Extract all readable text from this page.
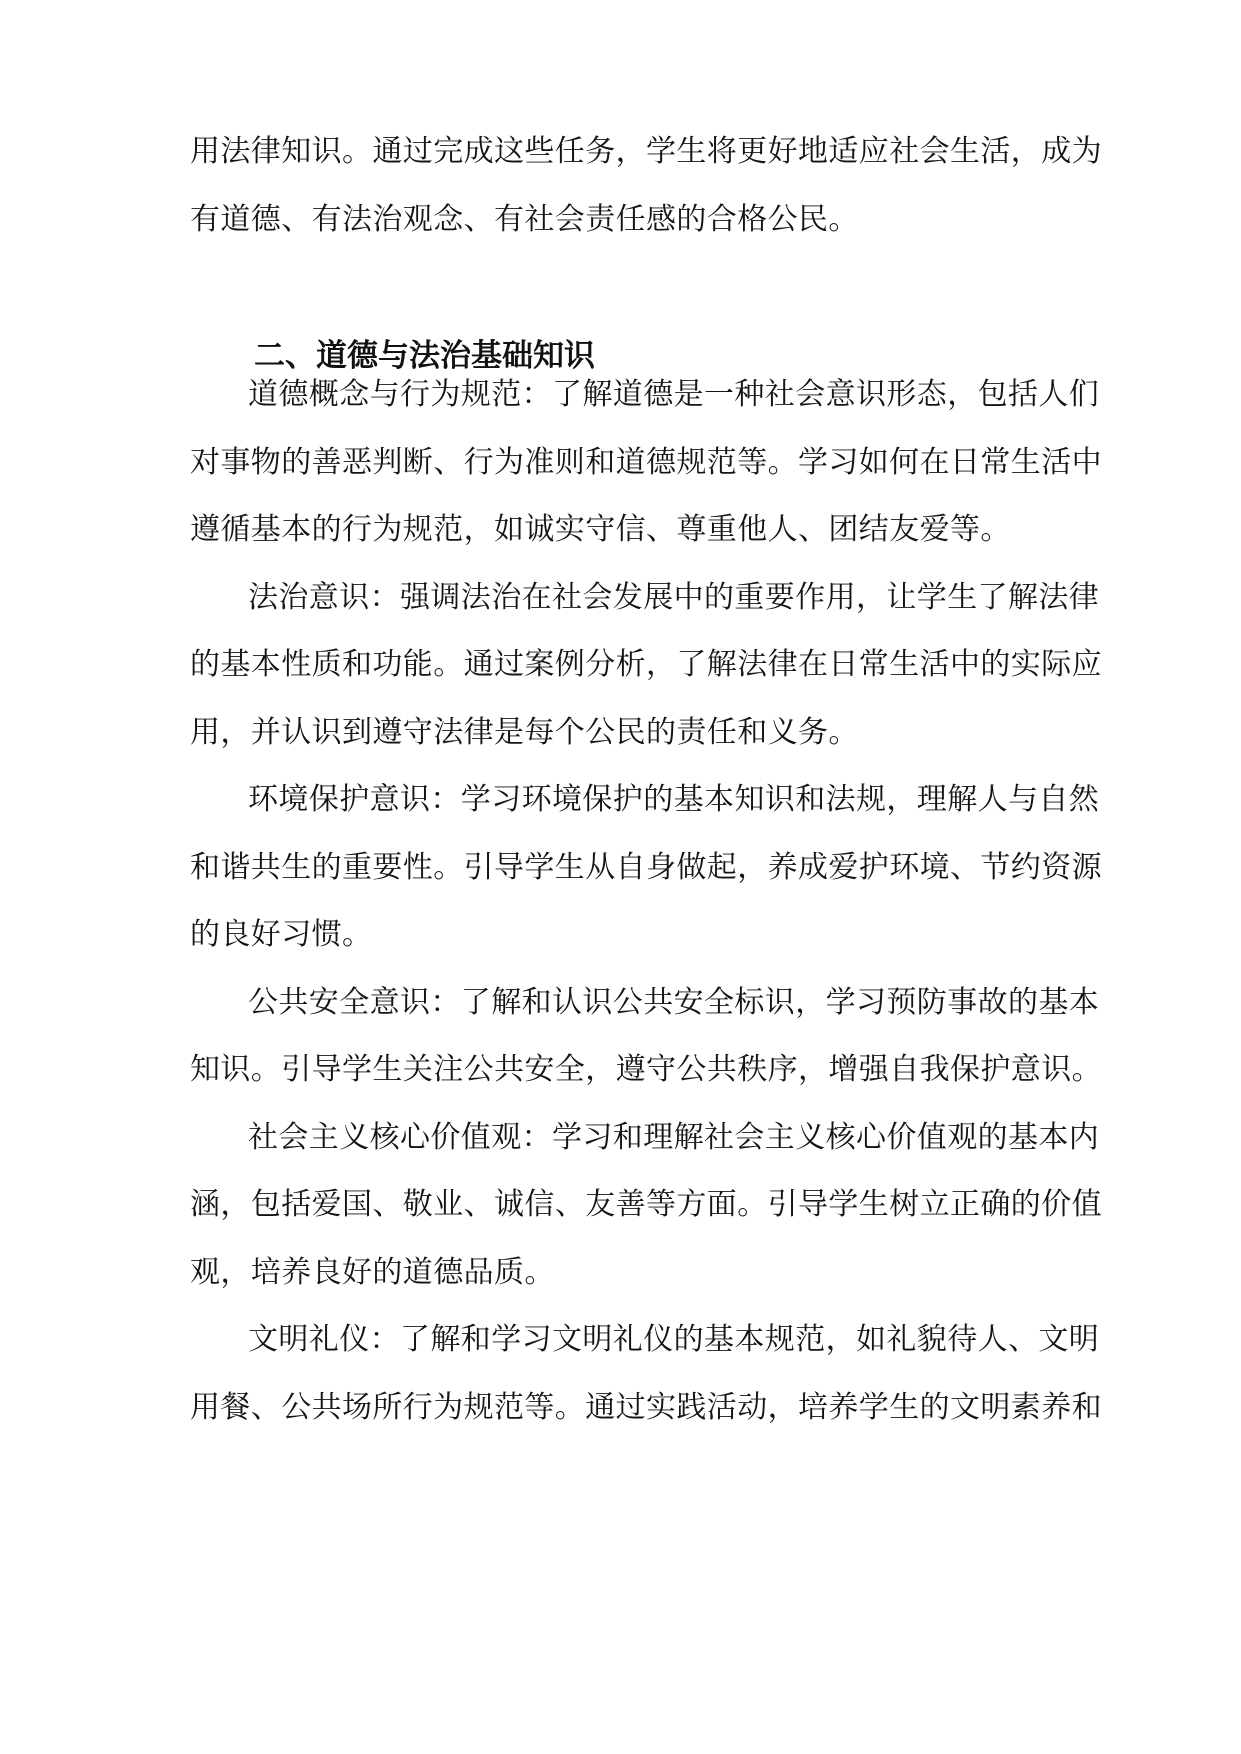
用法律知识。通过完成这些任务，学生将更好地适应社会生活，成为
有道德、有法治观念、有社会责任感的合格公民。
二、道德与法治基础知识
道德概念与行为规范：了解道德是一种社会意识形态，包括人们
对事物的善恶判断、行为准则和道德规范等。学习如何在日常生活中
遵循基本的行为规范，如诚实守信、尊重他人、团结友爱等。
法治意识：强调法治在社会发展中的重要作用，让学生了解法律
的基本性质和功能。通过案例分析，了解法律在日常生活中的实际应
用，并认识到遵守法律是每个公民的责任和义务。
环境保护意识：学习环境保护的基本知识和法规，理解人与自然
和谐共生的重要性。引导学生从自身做起，养成爱护环境、节约资源
的良好习惯。
公共安全意识：了解和认识公共安全标识，学习预防事故的基本
知识。引导学生关注公共安全，遵守公共秩序，增强自我保护意识。
社会主义核心价值观：学习和理解社会主义核心价值观的基本内
涵，包括爱国、敬业、诚信、友善等方面。引导学生树立正确的价值
观，培养良好的道德品质。
文明礼仪：了解和学习文明礼仪的基本规范，如礼貌待人、文明
用餐、公共场所行为规范等。通过实践活动，培养学生的文明素养和
